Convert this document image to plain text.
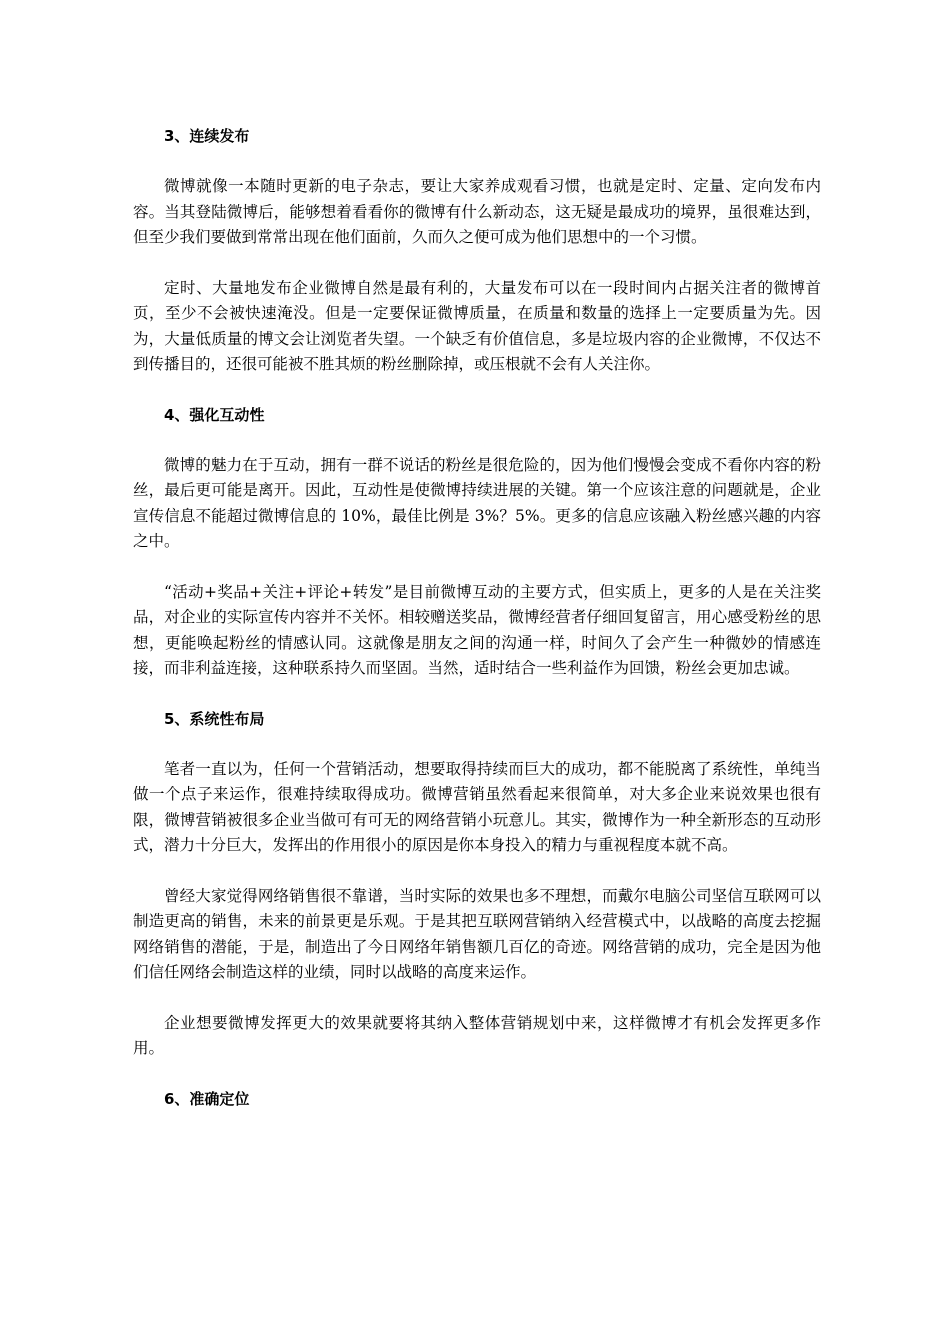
3、连续发布

微博就像一本随时更新的电子杂志，要让大家养成观看习惯，也就是定时、定量、定向发布内容。当其登陆微博后，能够想着看看你的微博有什么新动态，这无疑是最成功的境界，虽很难达到，但至少我们要做到常常出现在他们面前，久而久之便可成为他们思想中的一个习惯。

定时、大量地发布企业微博自然是最有利的，大量发布可以在一段时间内占据关注者的微博首页，至少不会被快速淹没。但是一定要保证微博质量，在质量和数量的选择上一定要质量为先。因为，大量低质量的博文会让浏览者失望。一个缺乏有价值信息，多是垃圾内容的企业微博，不仅达不到传播目的，还很可能被不胜其烦的粉丝删除掉，或压根就不会有人关注你。

4、强化互动性

微博的魅力在于互动，拥有一群不说话的粉丝是很危险的，因为他们慢慢会变成不看你内容的粉丝，最后更可能是离开。因此，互动性是使微博持续进展的关键。第一个应该注意的问题就是，企业宣传信息不能超过微博信息的 10%，最佳比例是 3%？5%。更多的信息应该融入粉丝感兴趣的内容之中。

“活动+奖品+关注+评论+转发”是目前微博互动的主要方式，但实质上，更多的人是在关注奖品，对企业的实际宣传内容并不关怀。相较赠送奖品，微博经营者仔细回复留言，用心感受粉丝的思想，更能唤起粉丝的情感认同。这就像是朋友之间的沟通一样，时间久了会产生一种微妙的情感连接，而非利益连接，这种联系持久而坚固。当然，适时结合一些利益作为回馈，粉丝会更加忠诚。

5、系统性布局

笔者一直以为，任何一个营销活动，想要取得持续而巨大的成功，都不能脱离了系统性，单纯当做一个点子来运作，很难持续取得成功。微博营销虽然看起来很简单，对大多企业来说效果也很有限，微博营销被很多企业当做可有可无的网络营销小玩意儿。其实，微博作为一种全新形态的互动形式，潜力十分巨大，发挥出的作用很小的原因是你本身投入的精力与重视程度本就不高。

曾经大家觉得网络销售很不靠谱，当时实际的效果也多不理想，而戴尔电脑公司坚信互联网可以制造更高的销售，未来的前景更是乐观。于是其把互联网营销纳入经营模式中，以战略的高度去挖掘网络销售的潜能，于是，制造出了今日网络年销售额几百亿的奇迹。网络营销的成功，完全是因为他们信任网络会制造这样的业绩，同时以战略的高度来运作。

企业想要微博发挥更大的效果就要将其纳入整体营销规划中来，这样微博才有机会发挥更多作用。

6、准确定位
